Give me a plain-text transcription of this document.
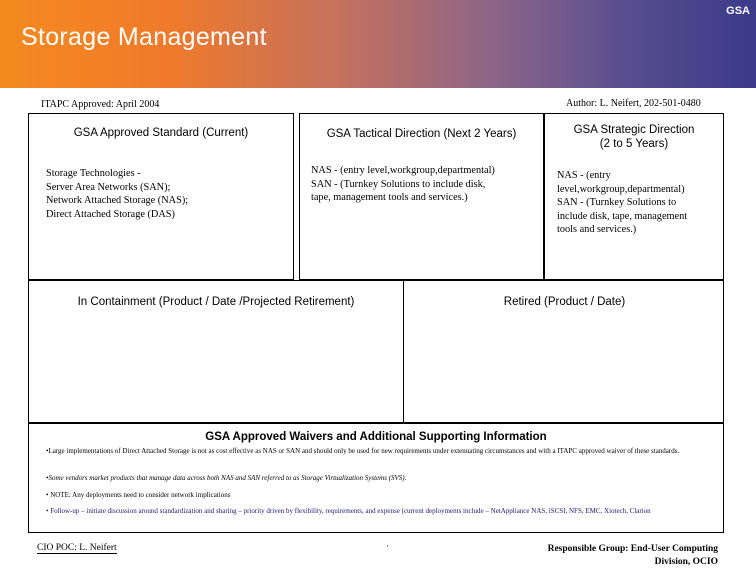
GSA
Storage Management
ITAPC Approved: April 2004	Author: L. Neifert, 202-501-0480
GSA Approved Standard (Current)
Storage Technologies -
Server Area Networks (SAN);
Network Attached Storage (NAS);
Direct Attached Storage (DAS)
GSA Tactical Direction (Next 2 Years)
NAS - (entry level,workgroup,departmental)
SAN - (Turnkey Solutions to include disk,
tape, management tools and services.)
GSA Strategic Direction
(2 to 5 Years)
NAS - (entry
level,workgroup,departmental)
SAN - (Turnkey Solutions to
include disk, tape, management
tools and services.)
In Containment (Product / Date /Projected Retirement)	Retired (Product / Date)
GSA Approved Waivers and Additional Supporting Information
•Large implementations of Direct Attached Storage is not as cost effective as NAS or SAN and should only be used for new requirements under extenuating circumstances and with a ITAPC approved waiver of these standards.
•Some vendors market products that manage data across both NAS and SAN referred to as Storage Virtualization Systems (SVS).
• NOTE: Any deployments need to consider network implications
• Follow-up – initiate discussion around standardization and sharing – priority driven by flexibility, requirements, and expense (current deployments include – NetAppliance NAS, iSCSI, NFS, EMC, Xiotech, Clarion
CIO POC: L. Neifert	·	Responsible Group: End-User Computing
Division, OCIO
